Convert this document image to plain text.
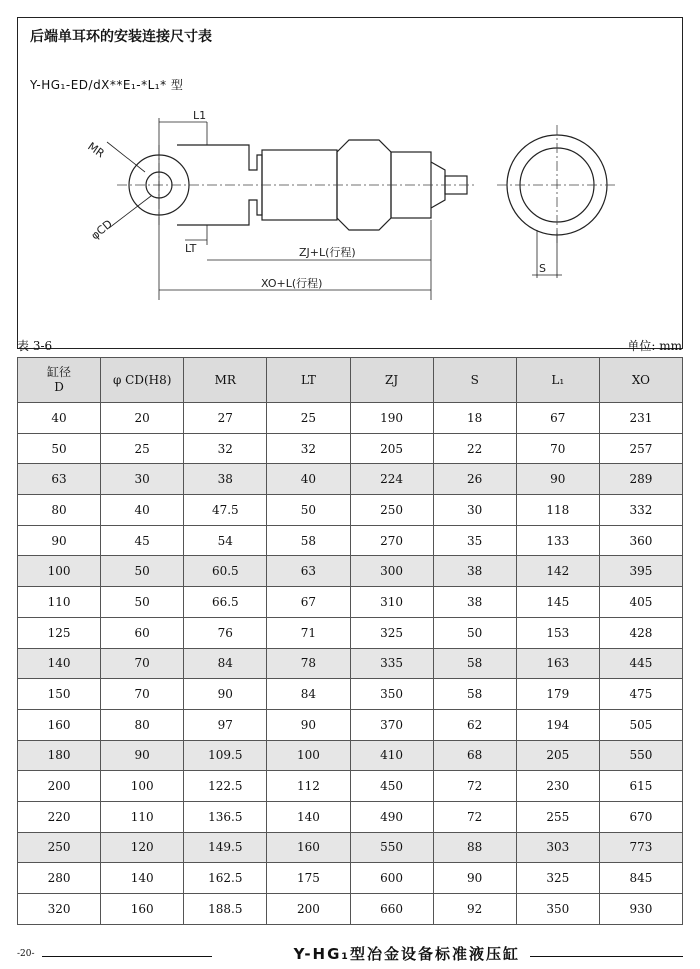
后端单耳环的安装连接尺寸表
Y-HG₁-ED/dX**E₁-*L₁* 型
L1
MR
φCD
LT	ZJ+L(行程)
XO+L(行程)
S
表 3-6	单位: mm
缸径
D	φ CD(H8)	MR	LT	ZJ	S	L₁	XO
40	20	27	25	190	18	67	231
50	25	32	32	205	22	70	257
63	30	38	40	224	26	90	289
80	40	47.5	50	250	30	118	332
90	45	54	58	270	35	133	360
100	50	60.5	63	300	38	142	395
110	50	66.5	67	310	38	145	405
125	60	76	71	325	50	153	428
140	70	84	78	335	58	163	445
150	70	90	84	350	58	179	475
160	80	97	90	370	62	194	505
180	90	109.5	100	410	68	205	550
200	100	122.5	112	450	72	230	615
220	110	136.5	140	490	72	255	670
250	120	149.5	160	550	88	303	773
280	140	162.5	175	600	90	325	845
320	160	188.5	200	660	92	350	930
-20-	Y-HG₁型冶金设备标准液压缸
